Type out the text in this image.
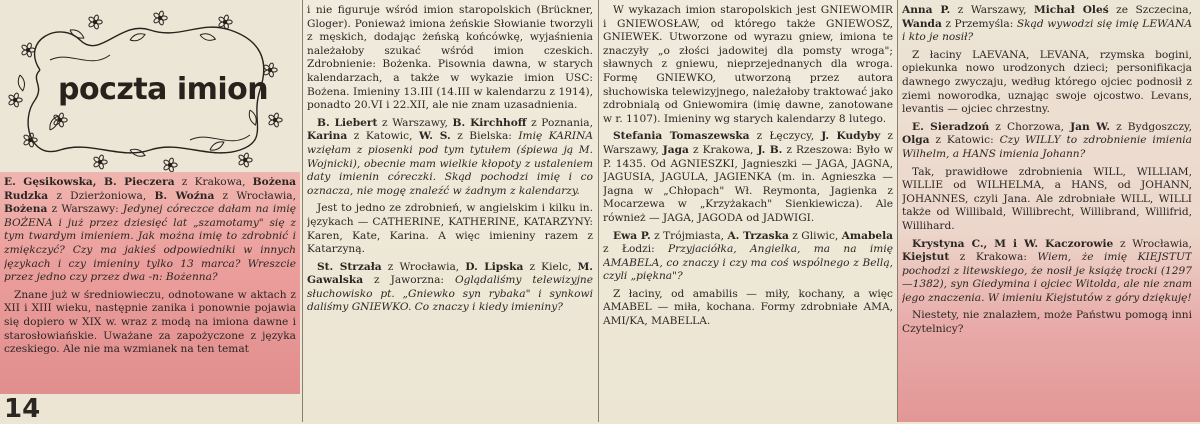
poczta imion

E. Gęsikowska, B. Pieczera z Krakowa, Bożena Rudzka z Dzierżoniowa, B. Woźna z Wrocławia, Bożena z Warszawy: Jedynej córeczce dałam na imię BOŻENA i już przez dziesięć lat „szamotamy" się z tym twardym imieniem. Jak można imię to zdrobnić i zmiękczyć? Czy ma jakieś odpowiedniki w innych językach i czy imieniny tylko 13 marca? Wreszcie przez jedno czy przez dwa -n: Bożenna?

Znane już w średniowieczu, odnotowane w aktach z XII i XIII wieku, następnie zanika i ponownie pojawia się dopiero w XIX w. wraz z modą na imiona dawne i starosłowiańskie. Uważane za zapożyczone z języka czeskiego. Ale nie ma wzmianek na ten temat

14

i nie figuruje wśród imion staropolskich (Brückner, Gloger). Ponieważ imiona żeńskie Słowianie tworzyli z męskich, dodając żeńską końcówkę, wyjaśnienia należałoby szukać wśród imion czeskich. Zdrobnienie: Bożenka. Pisownia dawna, w starych kalendarzach, a także w wykazie imion USC: Bożena. Imieniny 13.III (14.III w kalendarzu z 1914), ponadto 20.VI i 22.XII, ale nie znam uzasadnienia.

B. Liebert z Warszawy, B. Kirchhoff z Poznania, Karina z Katowic, W. S. z Bielska: Imię KARINA wzięłam z piosenki pod tym tytułem (śpiewa ją M. Wojnicki), obecnie mam wielkie kłopoty z ustaleniem daty imienin córeczki. Skąd pochodzi imię i co oznacza, nie mogę znaleźć w żadnym z kalendarzy.

Jest to jedno ze zdrobnień, w angielskim i kilku in. językach — CATHERINE, KATHERINE, KATARZYNY: Karen, Kate, Karina. A więc imieniny razem z Katarzyną.

St. Strzała z Wrocławia, D. Lipska z Kielc, M. Gawalska z Jaworzna: Oglądaliśmy telewizyjne słuchowisko pt. „Gniewko syn rybaka" i synkowi daliśmy GNIEWKO. Co znaczy i kiedy imieniny?

W wykazach imion staropolskich jest GNIEWOMIR i GNIEWOSŁAW, od którego także GNIEWOSZ, GNIEWEK. Utworzone od wyrazu gniew, imiona te znaczyły „o złości jadowitej dla pomsty wroga"; sławnych z gniewu, nieprzejednanych dla wroga. Formę GNIEWKO, utworzoną przez autora słuchowiska telewizyjnego, należałoby traktować jako zdrobnialą od Gniewomira (imię dawne, zanotowane w r. 1107). Imieniny wg starych kalendarzy 8 lutego.

Stefania Tomaszewska z Łęczycy, J. Kudyby z Warszawy, Jaga z Krakowa, J. B. z Rzeszowa: Było w P. 1435. Od AGNIESZKI, Jagnieszki — JAGA, JAGNA, JAGUSIA, JAGULA, JAGIENKA (m. in. Agnieszka — Jagna w „Chłopach" Wł. Reymonta, Jagienka z Mocarzewa w „Krzyżakach" Sienkiewicza). Ale również — JAGA, JAGODA od JADWIGI.

Ewa P. z Trójmiasta, A. Trzaska z Gliwic, Amabela z Łodzi: Przyjaciółka, Angielka, ma na imię AMABELA, co znaczy i czy ma coś wspólnego z Bellą, czyli „piękna"?

Z łaciny, od amabilis — miły, kochany, a więc AMABEL — miła, kochana. Formy zdrobniałe AMA, AMI/KA, MABELLA.

Anna P. z Warszawy, Michał Oleś ze Szczecina, Wanda z Przemyśla: Skąd wywodzi się imię LEWANA i kto je nosił?

Z łaciny LAEVANA, LEVANA, rzymska bogini, opiekunka nowo urodzonych dzieci; personifikacja dawnego zwyczaju, według którego ojciec podnosił z ziemi noworodka, uznając swoje ojcostwo. Levans, levantis — ojciec chrzestny.

E. Sieradzoń z Chorzowa, Jan W. z Bydgoszczy, Olga z Katowic: Czy WILLY to zdrobnienie imienia Wilhelm, a HANS imienia Johann?

Tak, prawidłowe zdrobnienia WILL, WILLIAM, WILLIE od WILHELMA, a HANS, od JOHANN, JOHANNES, czyli Jana. Ale zdrobniałe WILL, WILLI także od Willibald, Willibrecht, Willibrand, Willifrid, Willihard.

Krystyna C., M i W. Kaczorowie z Wrocławia, Kiejstut z Krakowa: Wiem, że imię KIEJSTUT pochodzi z litewskiego, że nosił je książę trocki (1297—1382), syn Giedymina i ojciec Witolda, ale nie znam jego znaczenia. W imieniu Kiejstutów z góry dziękuję!

Niestety, nie znalazłem, może Państwu pomogą inni Czytelnicy?
